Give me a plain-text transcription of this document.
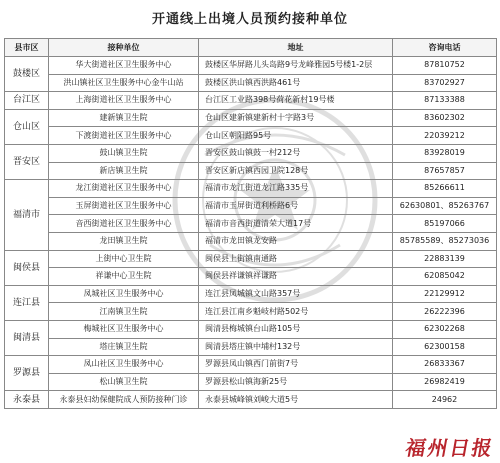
开通线上出境人员预约接种单位
县市区	接种单位	地址	咨询电话
鼓楼区	华大街道社区卫生服务中心	鼓楼区华屏路儿头岛路9号龙峰雅园5号楼1-2层	87810752
	洪山镇社区卫生服务中心金牛山站	鼓楼区洪山镇西洪路461号	83702927
台江区	上海街道社区卫生服务中心	台江区工业路398号荷花新村19号楼	87133388
仓山区	建新镇卫生院	仓山区建新镇建新村十字路3号	83602302
	下渡街道社区卫生服务中心	仓山区朝阳路95号	22039212
晋安区	鼓山镇卫生院	晋安区鼓山镇鼓一村212号	83928019
	新店镇卫生院	晋安区新店镇西园卫院128号	87657857
福清市	龙江街道社区卫生服务中心	福清市龙江街道龙江路335号	85266611
	玉屏街道社区卫生服务中心	福清市玉屏街道利桥路6号	62630801、85263767
	音西街道社区卫生服务中心	福清市音西街道清荣大道17号	85197066
	龙田镇卫生院	福清市龙田镇龙安路	85785589、85273036
闽侯县	上街中心卫生院	闽侯县上街镇南通路	22883139
	祥谦中心卫生院	闽侯县祥谦镇祥谦路	62085042
连江县	凤城社区卫生服务中心	连江县凤城镇文山路357号	22129912
	江南镇卫生院	连江县江南乡魁岐村路502号	26222396
闽清县	梅城社区卫生服务中心	闽清县梅城镇台山路105号	62302268
	塔庄镇卫生院	闽清县塔庄镇中埔村132号	62300158
罗源县	凤山社区卫生服务中心	罗源县凤山镇西门前街7号	26833367
	松山镇卫生院	罗源县松山镇海新25号	26982419
永泰县	永泰县妇幼保健院成人预防接种门诊	永泰县城峰镇刘峻大道5号	24962
福州日报
